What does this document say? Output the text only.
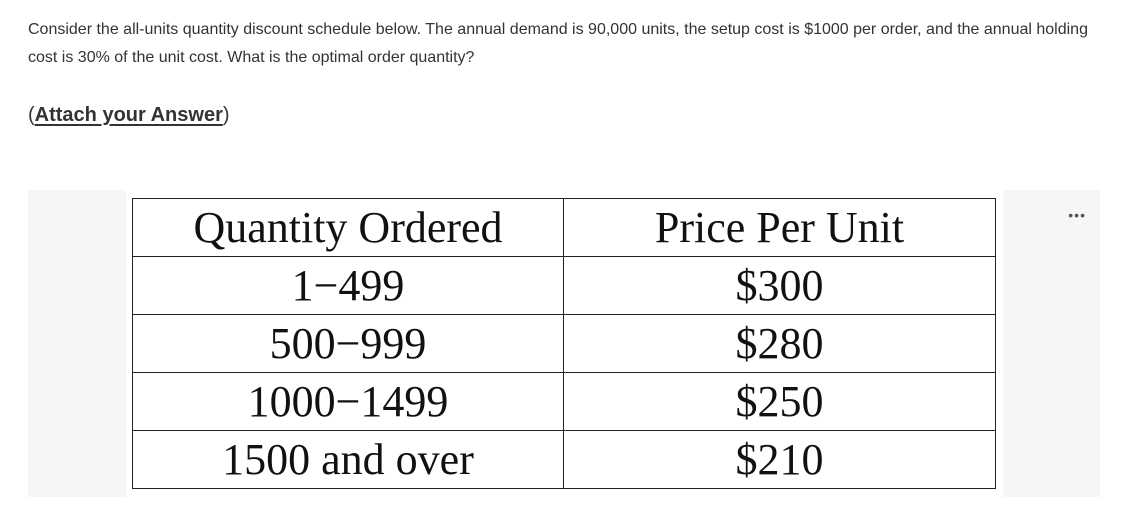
Consider the all-units quantity discount schedule below. The annual demand is 90,000 units, the setup cost is $1000 per order, and the annual holding cost is 30% of the unit cost. What is the optimal order quantity?

(Attach your Answer)
Quantity Ordered	Price Per Unit
1−499	$300
500−999	$280
1000−1499	$250
1500 and over	$210
•••
